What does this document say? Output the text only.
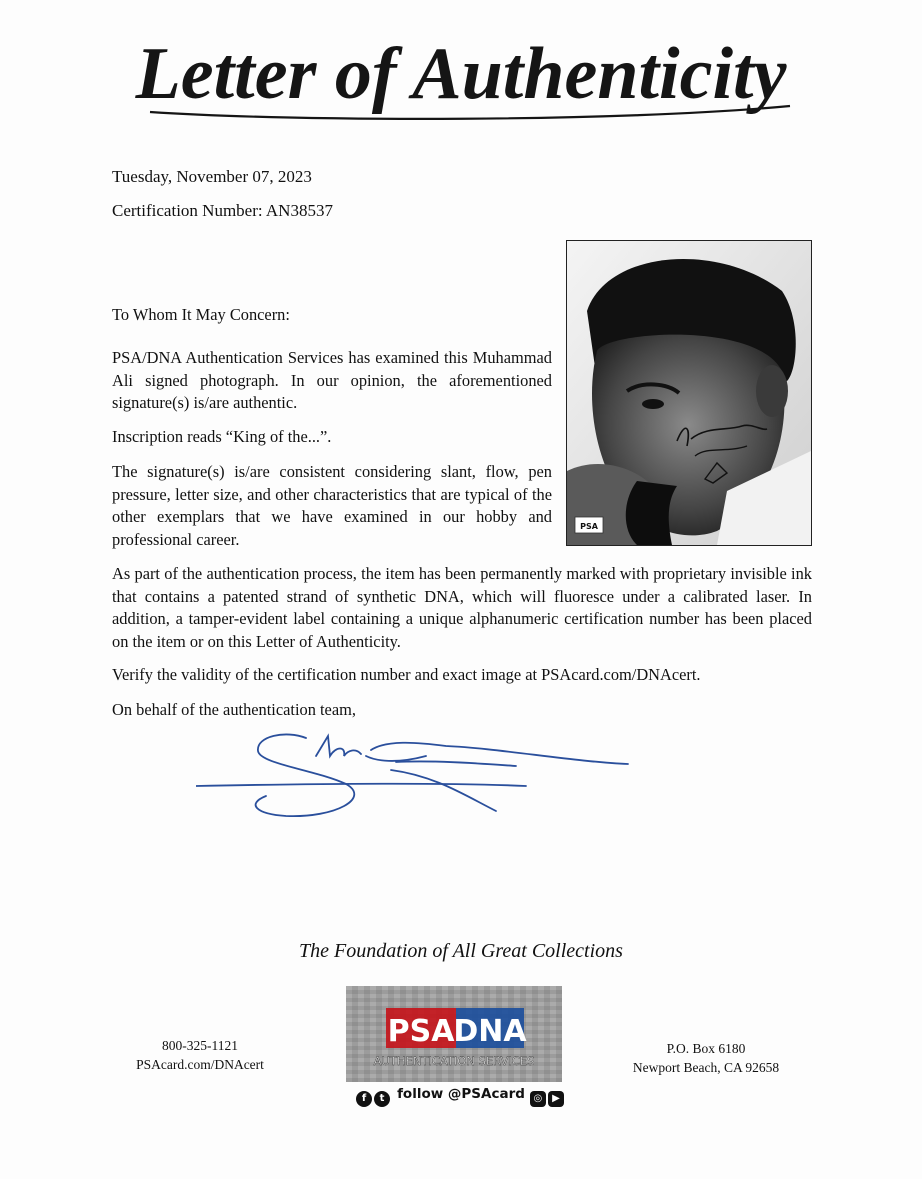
Letter of Authenticity
Tuesday, November 07, 2023
Certification Number: AN38537
PSA
To Whom It May Concern:
PSA/DNA Authentication Services has examined this Muhammad Ali signed photograph. In our opinion, the aforementioned signature(s) is/are authentic.
Inscription reads “King of the...”.
The signature(s) is/are consistent considering slant, flow, pen pressure, letter size, and other characteristics that are typical of the other exemplars that we have examined in our hobby and professional career.
As part of the authentication process, the item has been permanently marked with proprietary invisible ink that contains a patented strand of synthetic DNA, which will fluoresce under a calibrated laser. In addition, a tamper-evident label containing a unique alphanumeric certification number has been placed on the item or on this Letter of Authenticity.
Verify the validity of the certification number and exact image at PSAcard.com/DNAcert.
On behalf of the authentication team,
The Foundation of All Great Collections
800-325-1121
PSAcard.com/DNAcert
PSA
DNA
AUTHENTICATION SERVICES
P.O. Box 6180
Newport Beach, CA 92658
f t follow @PSAcard ◎ ▶
